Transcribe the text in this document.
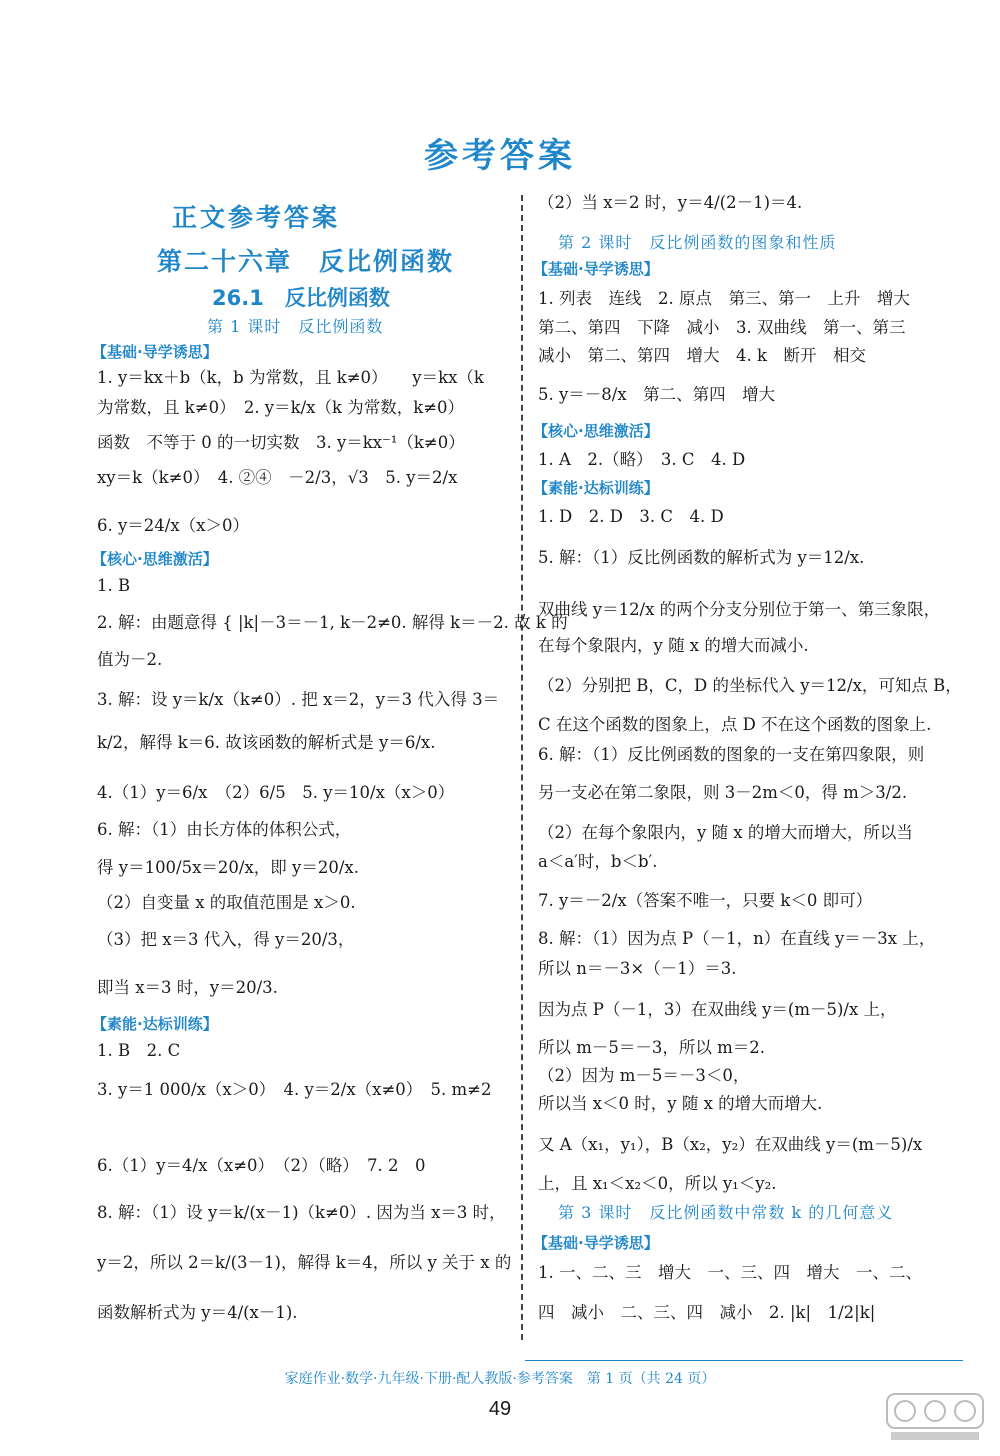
参考答案
正文参考答案
第二十六章　反比例函数
26.1　反比例函数
第 1 课时　反比例函数
【基础·导学诱思】
1. y＝kx＋b（k，b 为常数，且 k≠0）　　y＝kx（k
为常数，且 k≠0）　2. y＝k/x（k 为常数，k≠0）
函数　不等于 0 的一切实数　3. y＝kx⁻¹（k≠0）
xy＝k（k≠0）　4. ②④　－2/3，√3　5. y＝2/x
6. y＝24/x（x＞0）
【核心·思维激活】
1. B
2. 解：由题意得 { |k|－3＝－1, k－2≠0. 解得 k＝－2. 故 k 的
值为－2.
3. 解：设 y＝k/x（k≠0）. 把 x＝2，y＝3 代入得 3＝
k/2，解得 k＝6. 故该函数的解析式是 y＝6/x.
4.（1）y＝6/x　（2）6/5　5. y＝10/x（x＞0）
6. 解：（1）由长方体的体积公式，
得 y＝100/5x＝20/x，即 y＝20/x.
（2）自变量 x 的取值范围是 x＞0.
（3）把 x＝3 代入，得 y＝20/3，
即当 x＝3 时，y＝20/3.
【素能·达标训练】
1. B　2. C
3. y＝1 000/x（x＞0）　4. y＝2/x（x≠0）　5. m≠2
6.（1）y＝4/x（x≠0）　（2）（略）　7. 2　0
8. 解：（1）设 y＝k/(x－1)（k≠0）. 因为当 x＝3 时，
y＝2，所以 2＝k/(3－1)，解得 k＝4，所以 y 关于 x 的
函数解析式为 y＝4/(x－1).
（2）当 x＝2 时，y＝4/(2－1)＝4.
第 2 课时　反比例函数的图象和性质
【基础·导学诱思】
1. 列表　连线　2. 原点　第三、第一　上升　增大
第二、第四　下降　减小　3. 双曲线　第一、第三
减小　第二、第四　增大　4. k　断开　相交
5. y＝－8/x　第二、第四　增大
【核心·思维激活】
1. A　2.（略）　3. C　4. D
【素能·达标训练】
1. D　2. D　3. C　4. D
5. 解：（1）反比例函数的解析式为 y＝12/x.
双曲线 y＝12/x 的两个分支分别位于第一、第三象限，
在每个象限内，y 随 x 的增大而减小.
（2）分别把 B，C，D 的坐标代入 y＝12/x，可知点 B，
C 在这个函数的图象上，点 D 不在这个函数的图象上.
6. 解：（1）反比例函数的图象的一支在第四象限，则
另一支必在第二象限，则 3－2m＜0，得 m＞3/2.
（2）在每个象限内，y 随 x 的增大而增大，所以当
a＜a′时，b＜b′.
7. y＝－2/x（答案不唯一，只要 k＜0 即可）
8. 解：（1）因为点 P（－1，n）在直线 y＝－3x 上，
所以 n＝－3×（－1）＝3.
因为点 P（－1，3）在双曲线 y＝(m－5)/x 上，
所以 m－5＝－3，所以 m＝2.
（2）因为 m－5＝－3＜0，
所以当 x＜0 时，y 随 x 的增大而增大.
又 A（x₁，y₁），B（x₂，y₂）在双曲线 y＝(m－5)/x
上，且 x₁＜x₂＜0，所以 y₁＜y₂.
第 3 课时　反比例函数中常数 k 的几何意义
【基础·导学诱思】
1. 一、二、三　增大　一、三、四　增大　一、二、
四　减小　二、三、四　减小　2. |k|　1/2|k|
家庭作业·数学·九年级·下册·配人教版·参考答案　第 1 页（共 24 页）
49
